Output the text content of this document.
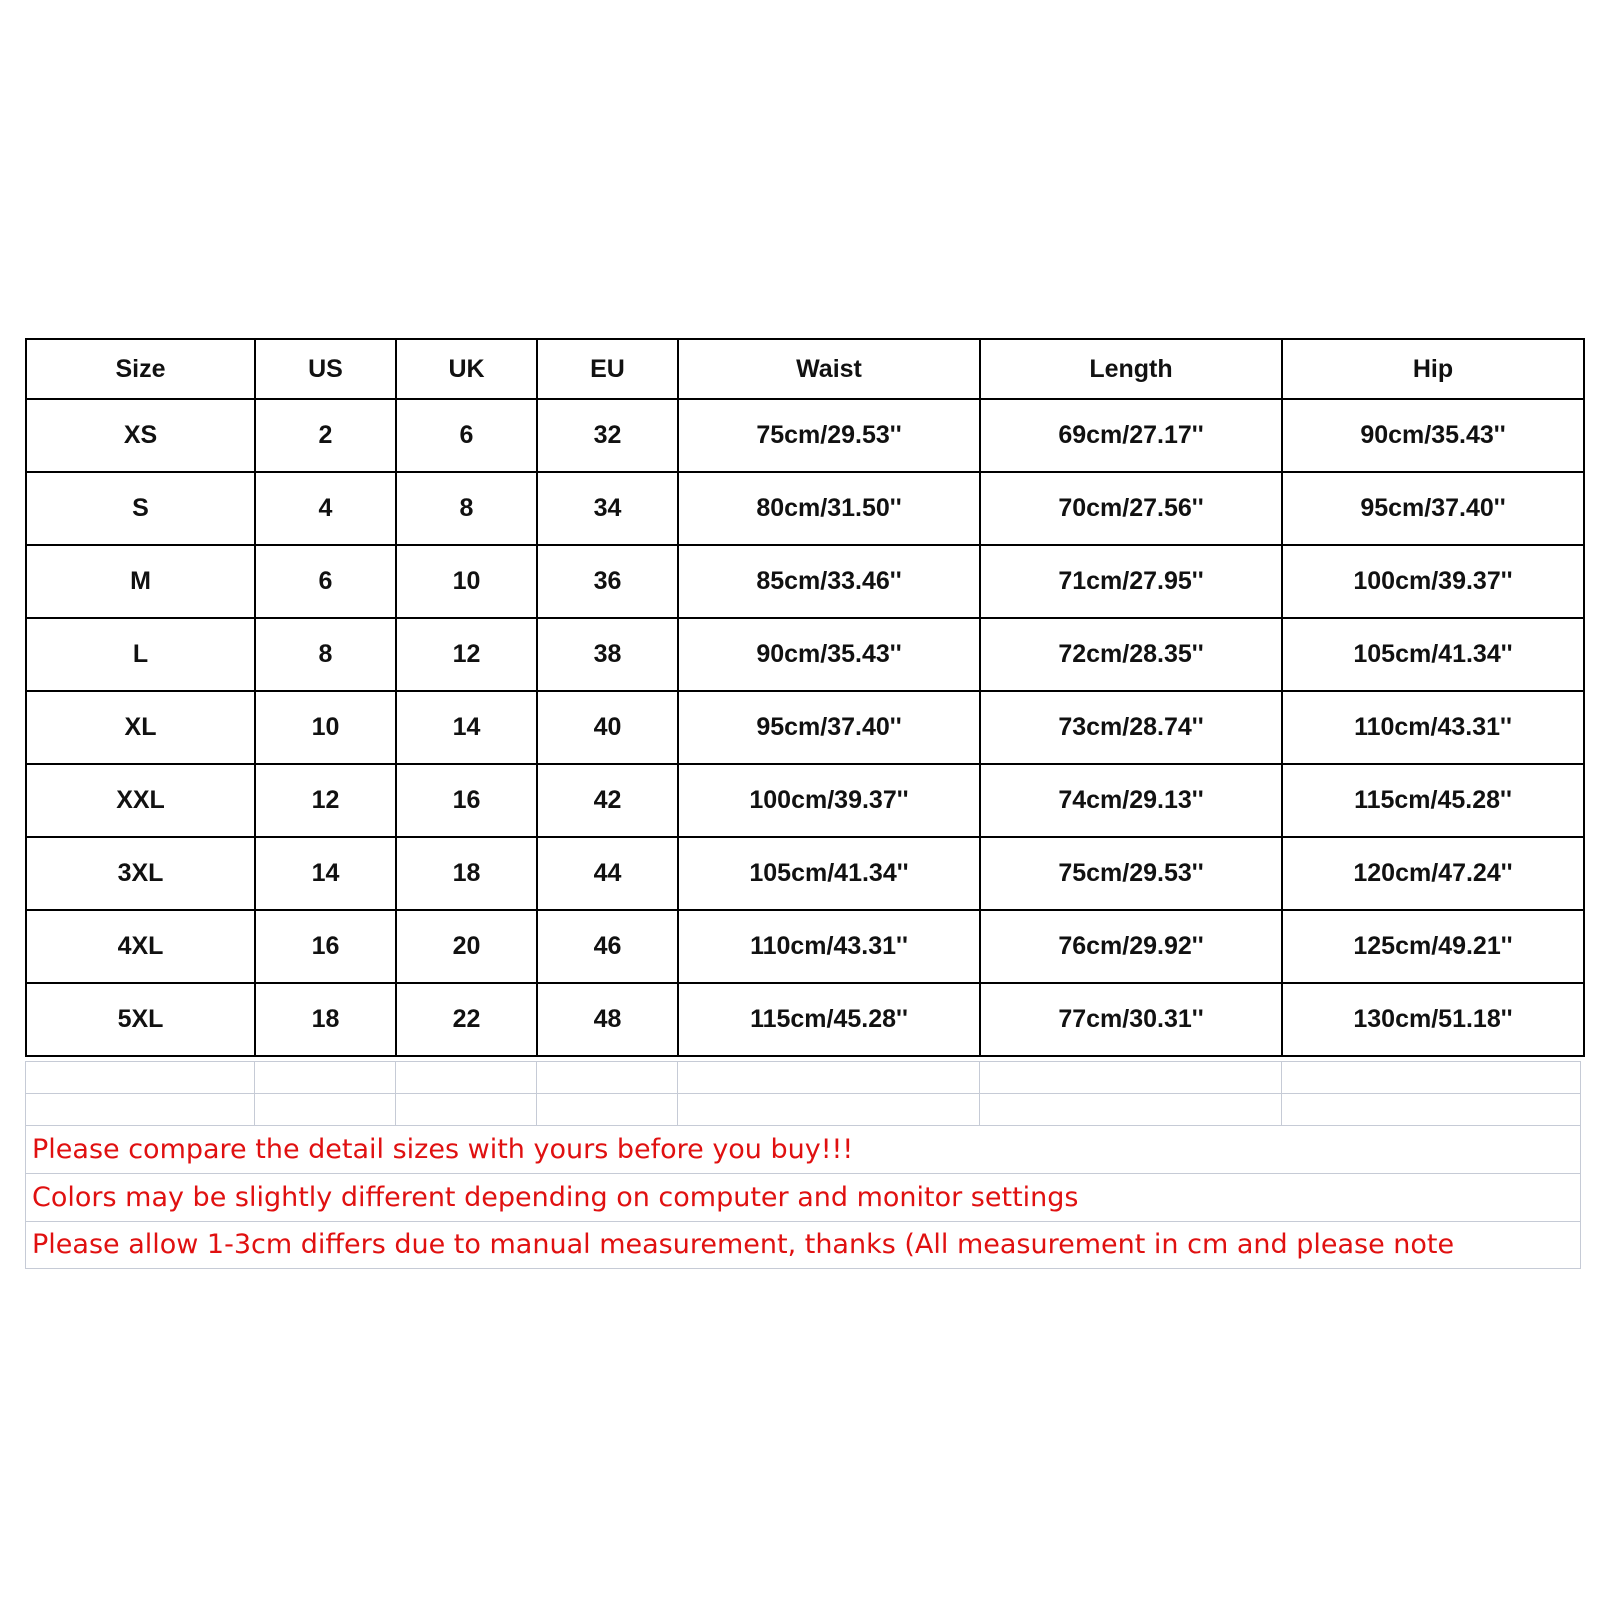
Size	US	UK	EU	Waist	Length	Hip
XS	2	6	32	75cm/29.53''	69cm/27.17''	90cm/35.43''
S	4	8	34	80cm/31.50''	70cm/27.56''	95cm/37.40''
M	6	10	36	85cm/33.46''	71cm/27.95''	100cm/39.37''
L	8	12	38	90cm/35.43''	72cm/28.35''	105cm/41.34''
XL	10	14	40	95cm/37.40''	73cm/28.74''	110cm/43.31''
XXL	12	16	42	100cm/39.37''	74cm/29.13''	115cm/45.28''
3XL	14	18	44	105cm/41.34''	75cm/29.53''	120cm/47.24''
4XL	16	20	46	110cm/43.31''	76cm/29.92''	125cm/49.21''
5XL	18	22	48	115cm/45.28''	77cm/30.31''	130cm/51.18''
Please compare the detail sizes with yours before you buy!!!
Colors may be slightly different depending on computer and monitor settings
Please allow 1-3cm differs due to manual measurement, thanks (All measurement in cm and please note
